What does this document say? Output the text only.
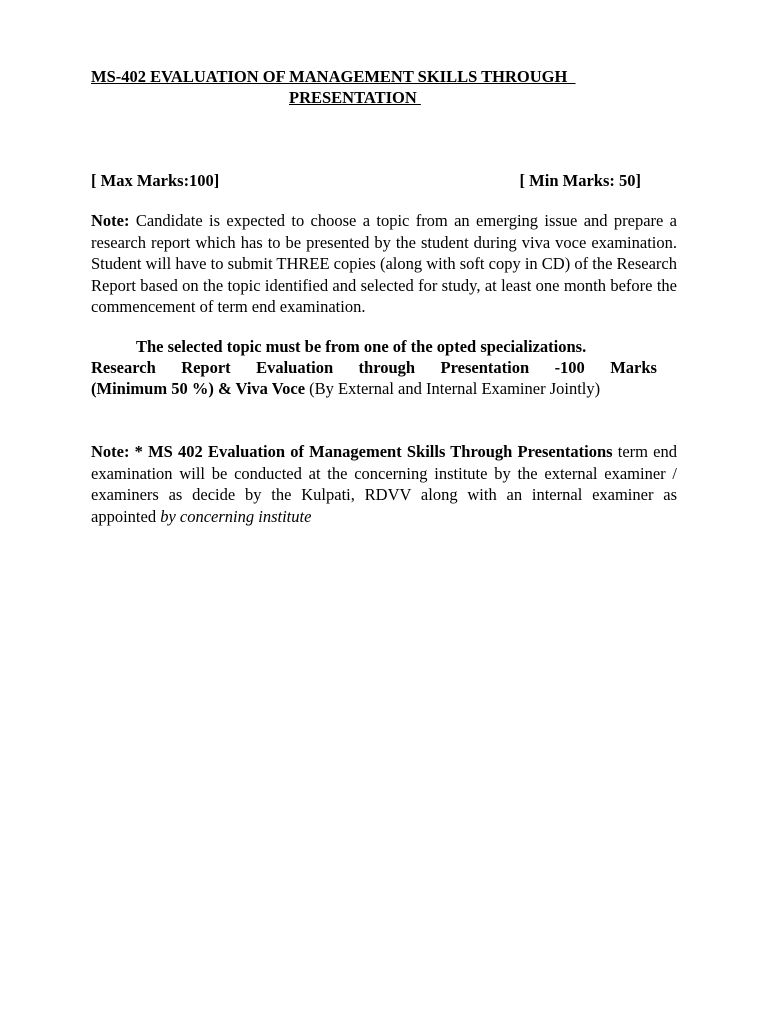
MS-402 EVALUATION OF MANAGEMENT SKILLS THROUGH
PRESENTATION
[ Max Marks:100]	[ Min Marks: 50]
Note: Candidate is expected to choose a topic from an emerging issue and prepare a research report which has to be presented by the student during viva voce examination. Student will have to submit THREE copies (along with soft copy in CD) of the Research Report based on the topic identified and selected for study, at least one month before the commencement of term end examination.
The selected topic must be from one of the opted specializations.
Research Report Evaluation through Presentation -100 Marks
(Minimum 50 %) & Viva Voce (By External and Internal Examiner Jointly)
Note: * MS 402 Evaluation of Management Skills Through Presentations term end examination will be conducted at the concerning institute by the external examiner / examiners as decide by the Kulpati, RDVV along with an internal examiner as appointed by concerning institute
